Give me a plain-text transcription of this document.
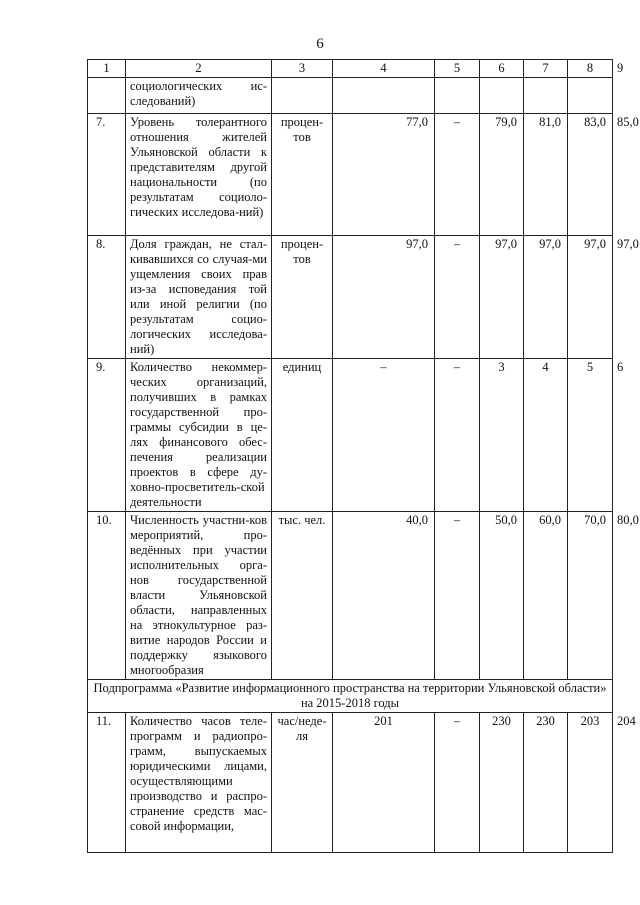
6
1	2	3	4	5	6	7	8	9
	социологических ис-следований)							
7.	Уровень толерантного отношения жителей Ульяновской области к представителям другой национальности (по результатам социоло-гических исследова-ний)	процен-тов	77,0	–	79,0	81,0	83,0	85,0
8.	Доля граждан, не стал-кивавшихся со случая-ми ущемления своих прав из-за исповедания той или иной религии (по результатам социо-логических исследова-ний)	процен-тов	97,0	–	97,0	97,0	97,0	97,0
9.	Количество некоммер-ческих организаций, получивших в рамках государственной про-граммы субсидии в це-лях финансового обес-печения реализации проектов в сфере ду-ховно-просветитель-ской деятельности	единиц	–	–	3	4	5	6
10.	Численность участни-ков мероприятий, про-ведённых при участии исполнительных орга-нов государственной власти Ульяновской области, направленных на этнокультурное раз-витие народов России и поддержку языкового многообразия	тыс. чел.	40,0	–	50,0	60,0	70,0	80,0
Подпрограмма «Развитие информационного пространства на территории Ульяновской области» на 2015-2018 годы								
11.	Количество часов теле-программ и радиопро-грамм, выпускаемых юридическими лицами, осуществляющими производство и распро-странение средств мас-совой информации,	час/неде-ля	201	–	230	230	203	204
